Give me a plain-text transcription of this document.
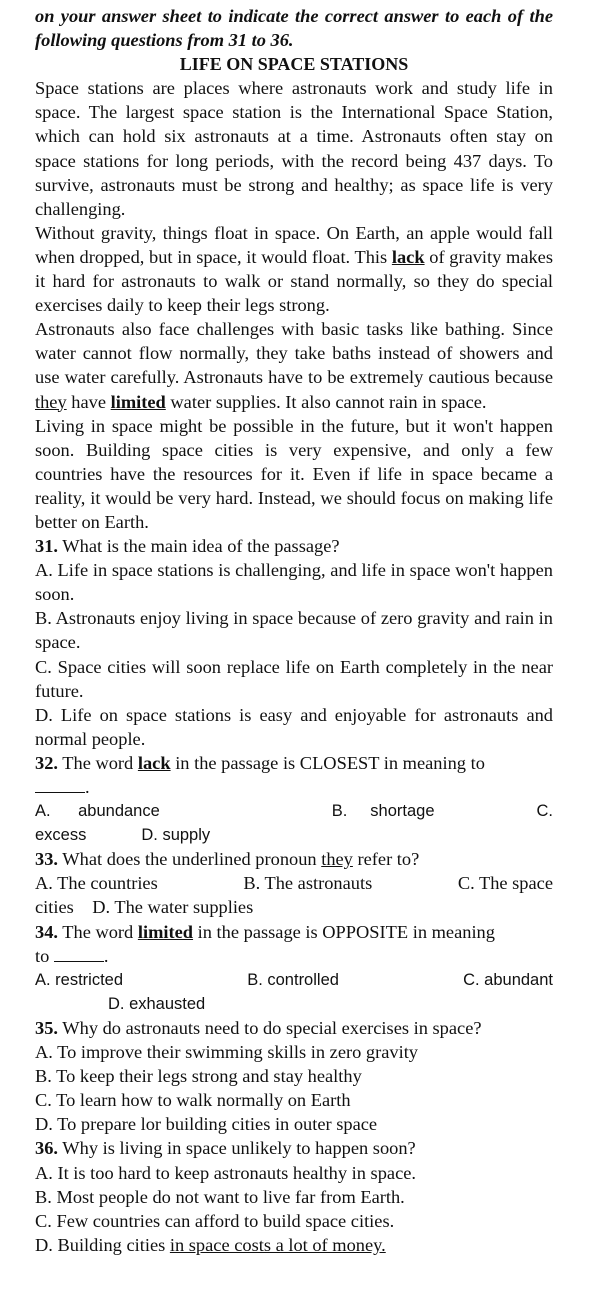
on your answer sheet to indicate the correct answer to each of the following questions from 31 to 36.

LIFE ON SPACE STATIONS

Space stations are places where astronauts work and study life in space. The largest space station is the International Space Station, which can hold six astronauts at a time. Astronauts often stay on space stations for long periods, with the record being 437 days. To survive, astronauts must be strong and healthy; as space life is very challenging.

Without gravity, things float in space. On Earth, an apple would fall when dropped, but in space, it would float. This lack of gravity makes it hard for astronauts to walk or stand normally, so they do special exercises daily to keep their legs strong.

Astronauts also face challenges with basic tasks like bathing. Since water cannot flow normally, they take baths instead of showers and use water carefully. Astronauts have to be extremely cautious because they have limited water supplies. It also cannot rain in space.

Living in space might be possible in the future, but it won't happen soon. Building space cities is very expensive, and only a few countries have the resources for it. Even if life in space became a reality, it would be very hard. Instead, we should focus on making life better on Earth.

31. What is the main idea of the passage?

A. Life in space stations is challenging, and life in space won't happen soon.

B. Astronauts enjoy living in space because of zero gravity and rain in space.

C. Space cities will soon replace life on Earth completely in the near future.

D. Life on space stations is easy and enjoyable for astronauts and normal people.

32. The word lack in the passage is CLOSEST in meaning to

.

A. abundance	B. shortage	C.

excess	D. supply

33. What does the underlined pronoun they refer to?

A. The countries	B. The astronauts	C. The space

cities D. The water supplies

34. The word limited in the passage is OPPOSITE in meaning

to	.

A. restricted	B. controlled	C. abundant

D. exhausted

35. Why do astronauts need to do special exercises in space?

A. To improve their swimming skills in zero gravity

B. To keep their legs strong and stay healthy

C. To learn how to walk normally on Earth

D. To prepare lor building cities in outer space

36. Why is living in space unlikely to happen soon?

A. It is too hard to keep astronauts healthy in space.

B. Most people do not want to live far from Earth.

C. Few countries can afford to build space cities.

D. Building cities in space costs a lot of money.
